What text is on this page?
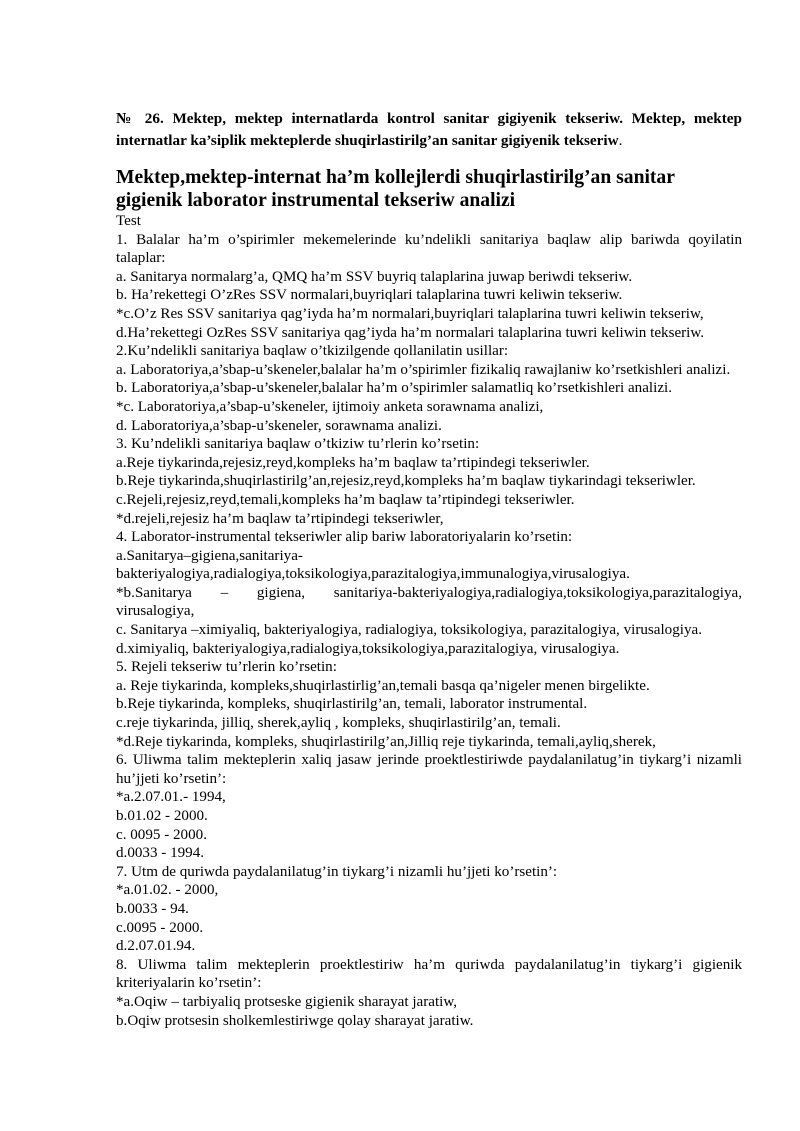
№ 26. Mektep, mektep internatlarda kontrol sanitar gigiyenik tekseriw. Mektep, mektep internatlar ka’siplik mekteplerde shuqirlastirilg’an sanitar gigiyenik tekseriw.

Mektep,mektep-internat ha’m kollejlerdi shuqirlastirilg’an sanitar gigienik laborator instrumental tekseriw analizi

Test

1. Balalar ha’m o’spirimler mekemelerinde ku’ndelikli sanitariya baqlaw alip bariwda qoyilatin talaplar:

a. Sanitarya normalarg’a, QMQ ha’m SSV buyriq talaplarina juwap beriwdi tekseriw.

b. Ha’rekettegi O’zRes SSV normalari,buyriqlari talaplarina tuwri keliwin tekseriw.

*c.O’z Res SSV sanitariya qag’iyda ha’m normalari,buyriqlari talaplarina tuwri keliwin tekseriw,

d.Ha’rekettegi OzRes SSV sanitariya qag’iyda ha’m normalari talaplarina tuwri keliwin tekseriw.

2.Ku’ndelikli sanitariya baqlaw o’tkizilgende qollanilatin usillar:

a. Laboratoriya,a’sbap-u’skeneler,balalar ha’m o’spirimler fizikaliq rawajlaniw ko’rsetkishleri analizi.

b. Laboratoriya,a’sbap-u’skeneler,balalar ha’m o’spirimler salamatliq ko’rsetkishleri analizi.

*c. Laboratoriya,a’sbap-u’skeneler, ijtimoiy anketa sorawnama analizi,

d. Laboratoriya,a’sbap-u’skeneler, sorawnama analizi.

3. Ku’ndelikli sanitariya baqlaw o’tkiziw tu’rlerin ko’rsetin:

a.Reje tiykarinda,rejesiz,reyd,kompleks ha’m baqlaw ta’rtipindegi tekseriwler.

b.Reje tiykarinda,shuqirlastirilg’an,rejesiz,reyd,kompleks ha’m baqlaw tiykarindagi tekseriwler.

c.Rejeli,rejesiz,reyd,temali,kompleks ha’m baqlaw ta’rtipindegi tekseriwler.

*d.rejeli,rejesiz ha’m baqlaw ta’rtipindegi tekseriwler,

4. Laborator-instrumental tekseriwler alip bariw laboratoriyalarin ko’rsetin:

a.Sanitarya–gigiena,sanitariya-

bakteriyalogiya,radialogiya,toksikologiya,parazitalogiya,immunalogiya,virusalogiya.

*b.Sanitarya – gigiena, sanitariya-bakteriyalogiya,radialogiya,toksikologiya,parazitalogiya, virusalogiya,

c. Sanitarya –ximiyaliq, bakteriyalogiya, radialogiya, toksikologiya, parazitalogiya, virusalogiya.

d.ximiyaliq, bakteriyalogiya,radialogiya,toksikologiya,parazitalogiya, virusalogiya.

5. Rejeli tekseriw tu’rlerin ko’rsetin:

a. Reje tiykarinda, kompleks,shuqirlastirlig’an,temali basqa qa’nigeler menen birgelikte.

b.Reje tiykarinda, kompleks, shuqirlastirilg’an, temali, laborator instrumental.

c.reje tiykarinda, jilliq, sherek,ayliq , kompleks, shuqirlastirilg’an, temali.

*d.Reje tiykarinda, kompleks, shuqirlastirilg’an,Jilliq reje tiykarinda, temali,ayliq,sherek,

6. Uliwma talim mekteplerin xaliq jasaw jerinde proektlestiriwde paydalanilatug’in tiykarg’i nizamli hu’jjeti ko’rsetin’:

*a.2.07.01.- 1994,

b.01.02 - 2000.

c. 0095 - 2000.

d.0033 - 1994.

7. Utm de quriwda paydalanilatug’in tiykarg’i nizamli hu’jjeti ko’rsetin’:

*a.01.02. - 2000,

b.0033 - 94.

c.0095 - 2000.

d.2.07.01.94.

8. Uliwma talim mekteplerin proektlestiriw ha’m quriwda paydalanilatug’in tiykarg’i gigienik kriteriyalarin ko’rsetin’:

*a.Oqiw – tarbiyaliq protseske gigienik sharayat jaratiw,

b.Oqiw protsesin sholkemlestiriwge qolay sharayat jaratiw.
